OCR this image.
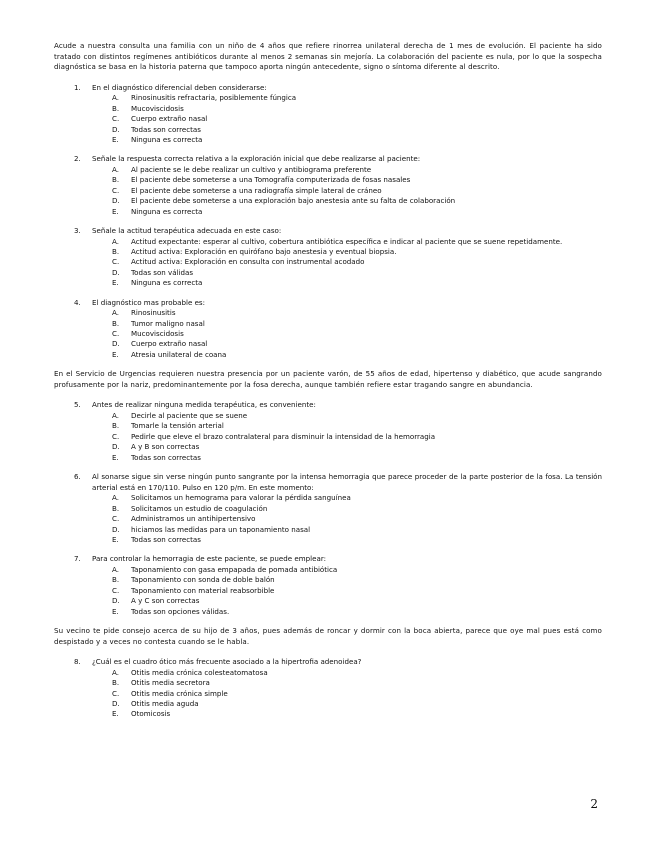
Acude a nuestra consulta una familia con un niño de 4 años que refiere rinorrea unilateral derecha de 1 mes de evolución. El paciente ha sido tratado con distintos regímenes antibióticos durante al menos 2 semanas sin mejoría. La colaboración del paciente es nula, por lo que la sospecha diagnóstica se basa en la historia paterna que tampoco aporta ningún antecedente, signo o síntoma diferente al descrito.

1.	En el diagnóstico diferencial deben considerarse:
A.	Rinosinusitis refractaria, posiblemente fúngica
B.	Mucoviscidosis
C.	Cuerpo extraño nasal
D.	Todas son correctas
E.	Ninguna es correcta
2.	Señale la respuesta correcta relativa a la exploración inicial que debe realizarse al paciente:
A.	Al paciente se le debe realizar un cultivo y antibiograma preferente
B.	El paciente debe someterse a una Tomografía computerizada de fosas nasales
C.	El paciente debe someterse a una radiografía simple lateral de cráneo
D.	El paciente debe someterse a una exploración bajo anestesia ante su falta de colaboración
E.	Ninguna es correcta
3.	Señale la actitud terapéutica adecuada en este caso:
A.	Actitud expectante: esperar al cultivo, cobertura antibiótica específica e indicar al paciente que se suene repetidamente.
B.	Actitud activa: Exploración en quirófano bajo anestesia y eventual biopsia.
C.	Actitud activa: Exploración en consulta con instrumental acodado
D.	Todas son válidas
E.	Ninguna es correcta
4.	El diagnóstico mas probable es:
A.	Rinosinusitis
B.	Tumor maligno nasal
C.	Mucoviscidosis
D.	Cuerpo extraño nasal
E.	Atresia unilateral de coana

En el Servicio de Urgencias requieren nuestra presencia por un paciente varón, de 55 años de edad, hipertenso y diabético, que acude sangrando profusamente por la nariz, predominantemente por la fosa derecha, aunque también refiere estar tragando sangre en abundancia.

5.	Antes de realizar ninguna medida terapéutica, es conveniente:
A.	Decirle al paciente que se suene
B.	Tomarle la tensión arterial
C.	Pedirle que eleve el brazo contralateral para disminuir la intensidad de la hemorragia
D.	A y B son correctas
E.	Todas son correctas
6.	Al sonarse sigue sin verse ningún punto sangrante por la intensa hemorragia que parece proceder de la parte posterior de la fosa. La tensión arterial está en 170/110. Pulso en 120 p/m. En este momento:
A.	Solicitamos un hemograma para valorar la pérdida sanguínea
B.	Solicitamos un estudio de coagulación
C.	Administramos un antihipertensivo
D.	hiciamos las medidas para un taponamiento nasal
E.	Todas son correctas
7.	Para controlar la hemorragia de este paciente, se puede emplear:
A.	Taponamiento con gasa empapada de pomada antibiótica
B.	Taponamiento con sonda de doble balón
C.	Taponamiento con material reabsorbible
D.	A y C son correctas
E.	Todas son opciones válidas.

Su vecino te pide consejo acerca de su hijo de 3 años, pues además de roncar y dormir con la boca abierta, parece que oye mal pues está como despistado y a veces no contesta cuando se le habla.

8.	¿Cuál es el cuadro ótico más frecuente asociado a la hipertrofia adenoidea?
A.	Otitis media crónica colesteatomatosa
B.	Otitis media secretora
C.	Otitis media crónica simple
D.	Otitis media aguda
E.	Otomicosis
2
